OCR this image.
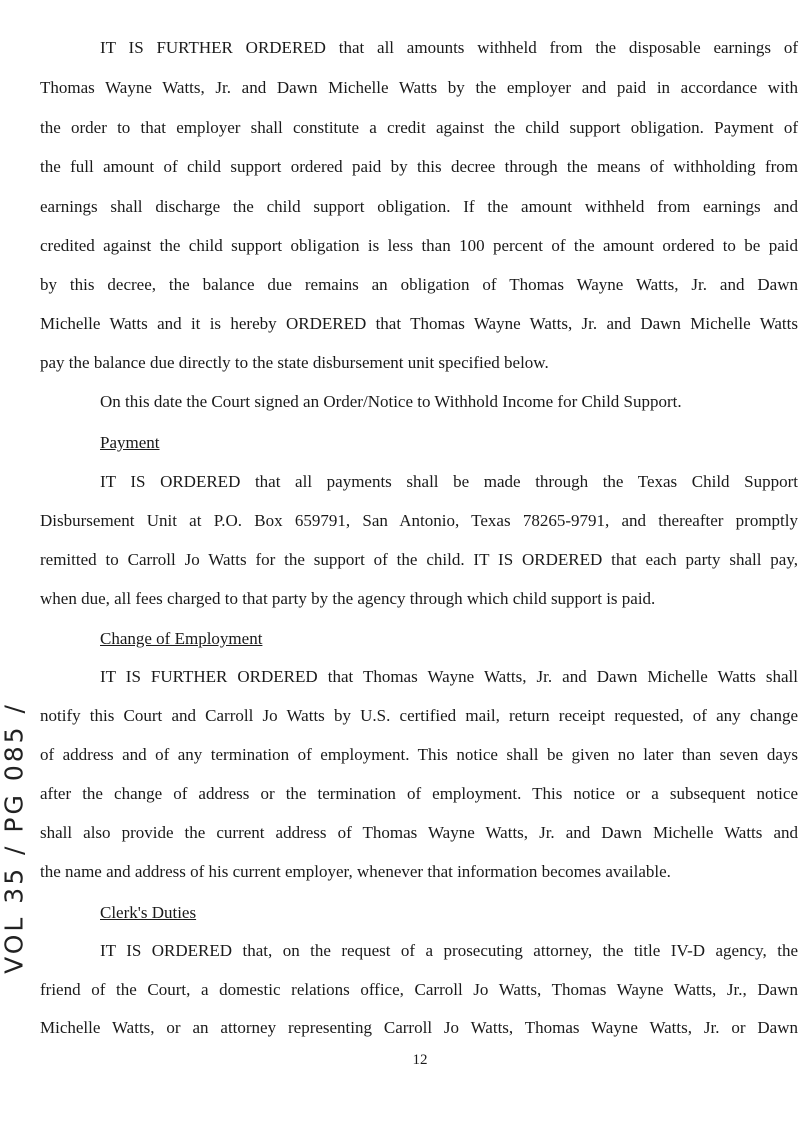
IT IS FURTHER ORDERED that all amounts withheld from the disposable earnings of
Thomas Wayne Watts, Jr. and Dawn Michelle Watts by the employer and paid in accordance with
the order to that employer shall constitute a credit against the child support obligation. Payment of
the full amount of child support ordered paid by this decree through the means of withholding from
earnings shall discharge the child support obligation. If the amount withheld from earnings and
credited against the child support obligation is less than 100 percent of the amount ordered to be paid
by this decree, the balance due remains an obligation of Thomas Wayne Watts, Jr. and Dawn
Michelle Watts and it is hereby ORDERED that Thomas Wayne Watts, Jr. and Dawn Michelle Watts
pay the balance due directly to the state disbursement unit specified below.
On this date the Court signed an Order/Notice to Withhold Income for Child Support.
Payment
IT IS ORDERED that all payments shall be made through the Texas Child Support
Disbursement Unit at P.O. Box 659791, San Antonio, Texas 78265-9791, and thereafter promptly
remitted to Carroll Jo Watts for the support of the child. IT IS ORDERED that each party shall pay,
when due, all fees charged to that party by the agency through which child support is paid.
Change of Employment
IT IS FURTHER ORDERED that Thomas Wayne Watts, Jr. and Dawn Michelle Watts shall
notify this Court and Carroll Jo Watts by U.S. certified mail, return receipt requested, of any change
of address and of any termination of employment. This notice shall be given no later than seven days
after the change of address or the termination of employment. This notice or a subsequent notice
shall also provide the current address of Thomas Wayne Watts, Jr. and Dawn Michelle Watts and
the name and address of his current employer, whenever that information becomes available.
Clerk's Duties
IT IS ORDERED that, on the request of a prosecuting attorney, the title IV-D agency, the
friend of the Court, a domestic relations office, Carroll Jo Watts, Thomas Wayne Watts, Jr., Dawn
Michelle Watts, or an attorney representing Carroll Jo Watts, Thomas Wayne Watts, Jr. or Dawn
VOL 35 / PG 085 /
12
